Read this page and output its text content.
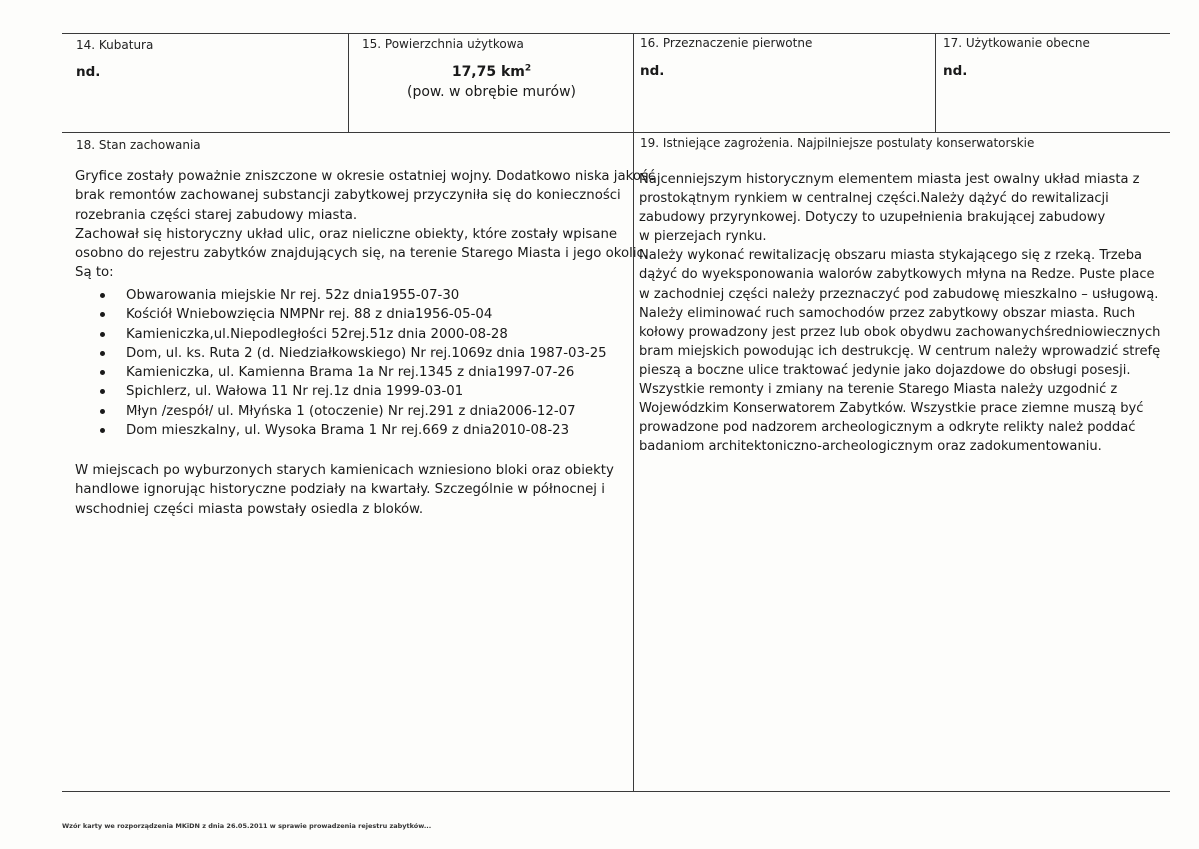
14. Kubatura
nd.
15. Powierzchnia użytkowa
17,75 $km^2$
(pow. w obrębie murów)
16. Przeznaczenie pierwotne
nd.
17. Użytkowanie obecne
nd.
18. Stan zachowania
Gryfice zostały poważnie zniszczone w okresie ostatniej wojny. Dodatkowo niska jakość
brak remontów zachowanej substancji zabytkowej przyczyniła się do konieczności
rozebrania części starej zabudowy miasta.
Zachował się historyczny układ ulic, oraz nieliczne obiekty, które zostały wpisane
osobno do rejestru zabytków znajdujących się, na terenie Starego Miasta i jego okolic.
Są to:
Obwarowania miejskie Nr rej. 52z dnia1955-07-30
Kościół Wniebowzięcia NMPNr rej. 88 z dnia1956-05-04
Kamieniczka,ul.Niepodległości 52rej.51z dnia 2000-08-28
Dom, ul. ks. Ruta 2 (d. Niedziałkowskiego) Nr rej.1069z dnia 1987-03-25
Kamieniczka, ul. Kamienna Brama 1a Nr rej.1345 z dnia1997-07-26
Spichlerz, ul. Wałowa 11 Nr rej.1z dnia 1999-03-01
Młyn /zespół/ ul. Młyńska 1 (otoczenie) Nr rej.291 z dnia2006-12-07
Dom mieszkalny, ul. Wysoka Brama 1 Nr rej.669 z dnia2010-08-23
W miejscach po wyburzonych starych kamienicach wzniesiono bloki oraz obiekty
handlowe ignorując historyczne podziały na kwartały. Szczególnie w północnej i
wschodniej części miasta powstały osiedla z bloków.
19. Istniejące zagrożenia. Najpilniejsze postulaty konserwatorskie
Najcenniejszym historycznym elementem miasta jest owalny układ miasta z
prostokątnym rynkiem w centralnej części.Należy dążyć do rewitalizacji
zabudowy przyrynkowej. Dotyczy to uzupełnienia brakującej zabudowy
w pierzejach rynku.
Należy wykonać rewitalizację obszaru miasta stykającego się z rzeką. Trzeba
dążyć do wyeksponowania walorów zabytkowych młyna na Redze. Puste place
w zachodniej części należy przeznaczyć pod zabudowę mieszkalno – usługową.
Należy eliminować ruch samochodów przez zabytkowy obszar miasta. Ruch
kołowy prowadzony jest przez lub obok obydwu zachowanychśredniowiecznych
bram miejskich powodując ich destrukcję. W centrum należy wprowadzić strefę
pieszą a boczne ulice traktować jedynie jako dojazdowe do obsługi posesji.
Wszystkie remonty i zmiany na terenie Starego Miasta należy uzgodnić z
Wojewódzkim Konserwatorem Zabytków. Wszystkie prace ziemne muszą być
prowadzone pod nadzorem archeologicznym a odkryte relikty należ poddać
badaniom architektoniczno-archeologicznym oraz zadokumentowaniu.
Wzór karty we rozporządzenia MKiDN z dnia 26.05.2011 w sprawie prowadzenia rejestru zabytków...
